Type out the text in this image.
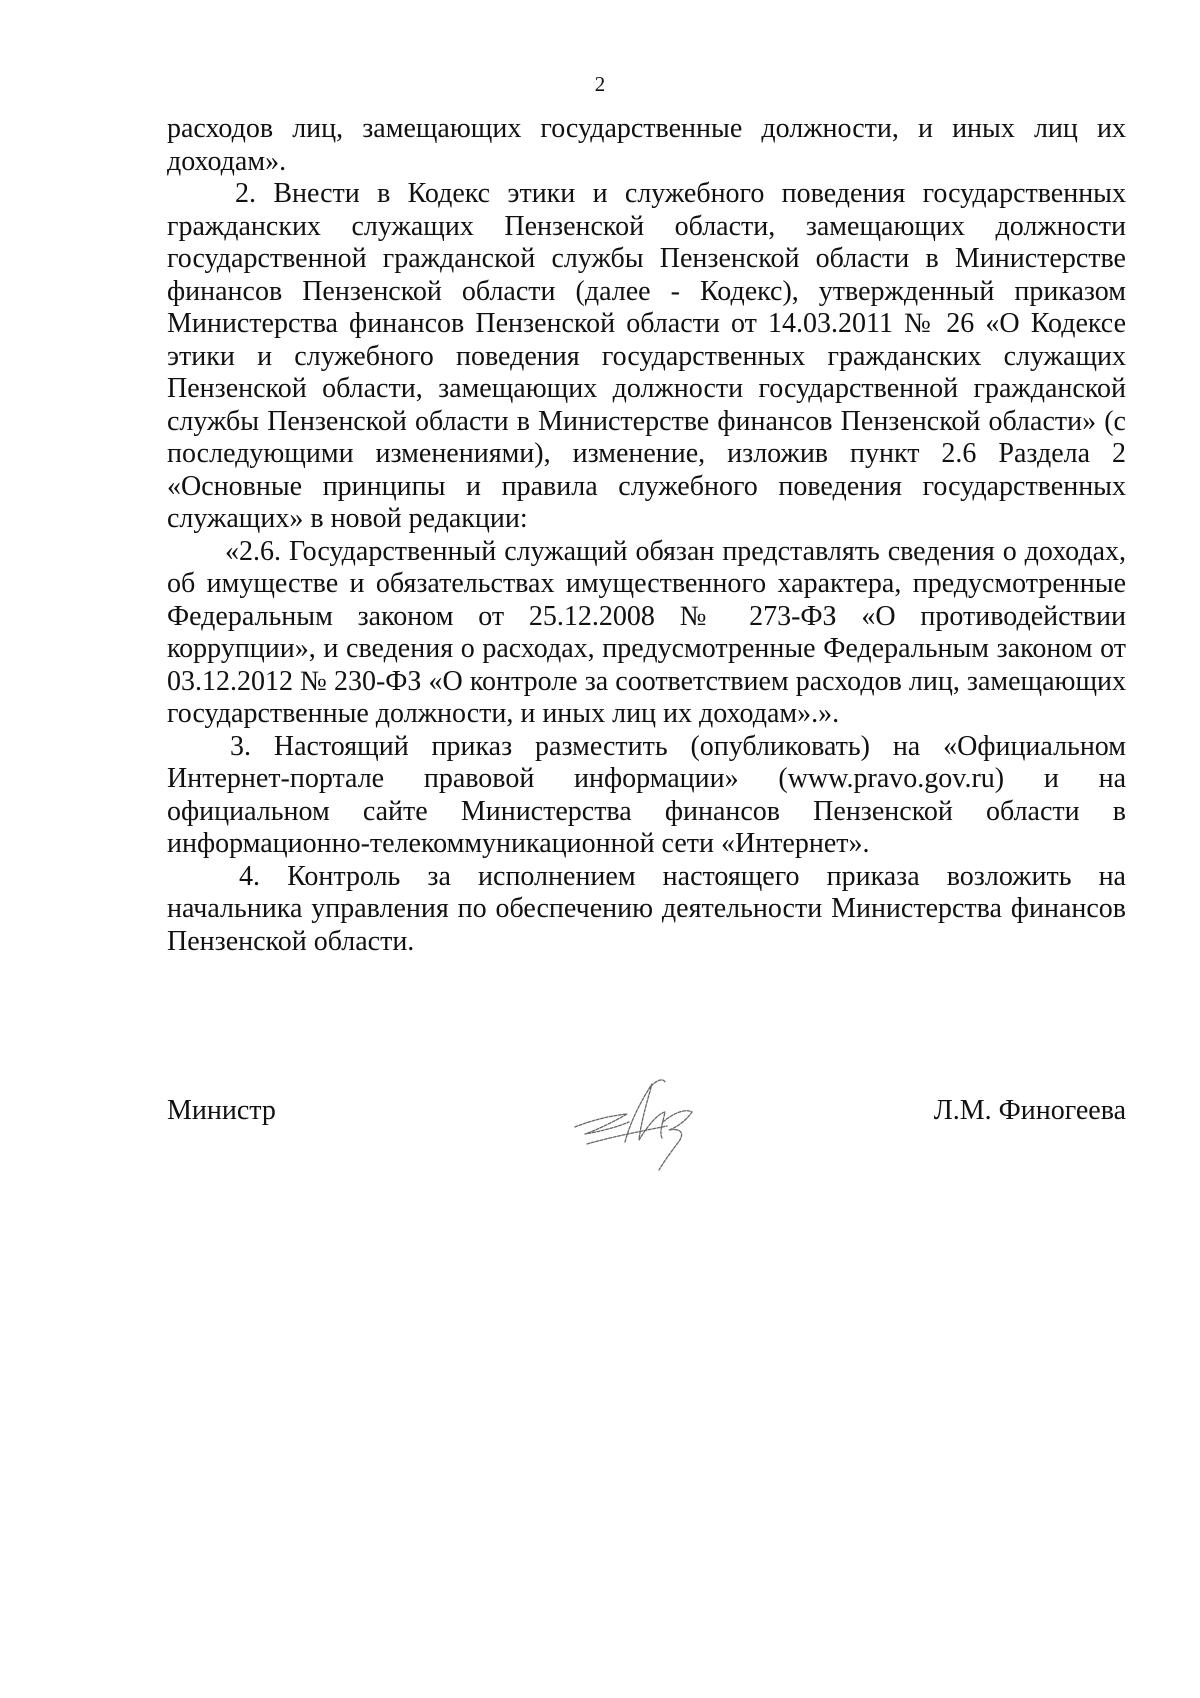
2

расходов лиц, замещающих государственные должности, и иных лиц их доходам».

2. Внести в Кодекс этики и служебного поведения государственных гражданских служащих Пензенской области, замещающих должности государственной гражданской службы Пензенской области в Министерстве финансов Пензенской области (далее - Кодекс), утвержденный приказом Министерства финансов Пензенской области от 14.03.2011 № 26 «О Кодексе этики и служебного поведения государственных гражданских служащих Пензенской области, замещающих должности государственной гражданской службы Пензенской области в Министерстве финансов Пензенской области» (с последующими изменениями), изменение, изложив пункт 2.6 Раздела 2 «Основные принципы и правила служебного поведения государственных служащих» в новой редакции:

«2.6. Государственный служащий обязан представлять сведения о доходах, об имуществе и обязательствах имущественного характера, предусмотренные Федеральным законом от 25.12.2008 № 273-ФЗ «О противодействии коррупции», и сведения о расходах, предусмотренные Федеральным законом от 03.12.2012 № 230-ФЗ «О контроле за соответствием расходов лиц, замещающих государственные должности, и иных лиц их доходам».».

3. Настоящий приказ разместить (опубликовать) на «Официальном Интернет-портале правовой информации» (www.pravo.gov.ru) и на официальном сайте Министерства финансов Пензенской области в информационно-телекоммуникационной сети «Интернет».

4. Контроль за исполнением настоящего приказа возложить на начальника управления по обеспечению деятельности Министерства финансов Пензенской области.

Министр	Л.М. Финогеева
